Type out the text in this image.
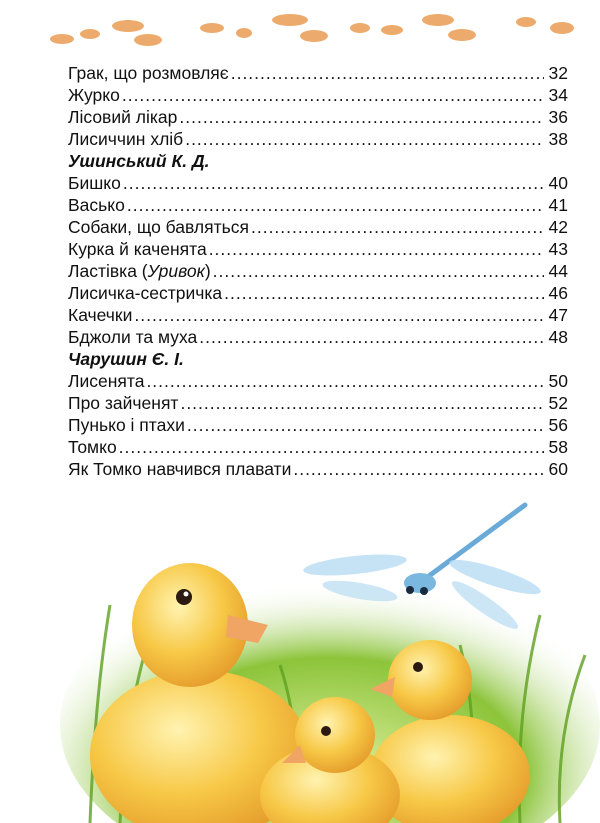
Грак, що розмовляє .....	32
Журко .....	34
Лісовий лікар .....	36
Лисиччин хліб .....	38
Ушинський К. Д.
Бишко .....	40
Васько .....	41
Собаки, що бавляться .....	42
Курка й каченята .....	43
Ластівка (Уривок) .....	44
Лисичка-сестричка .....	46
Качечки .....	47
Бджоли та муха .....	48
Чарушин Є. І.
Лисенята .....	50
Про зайченят .....	52
Пунько і птахи .....	56
Томко .....	58
Як Томко навчився плавати .....	60
